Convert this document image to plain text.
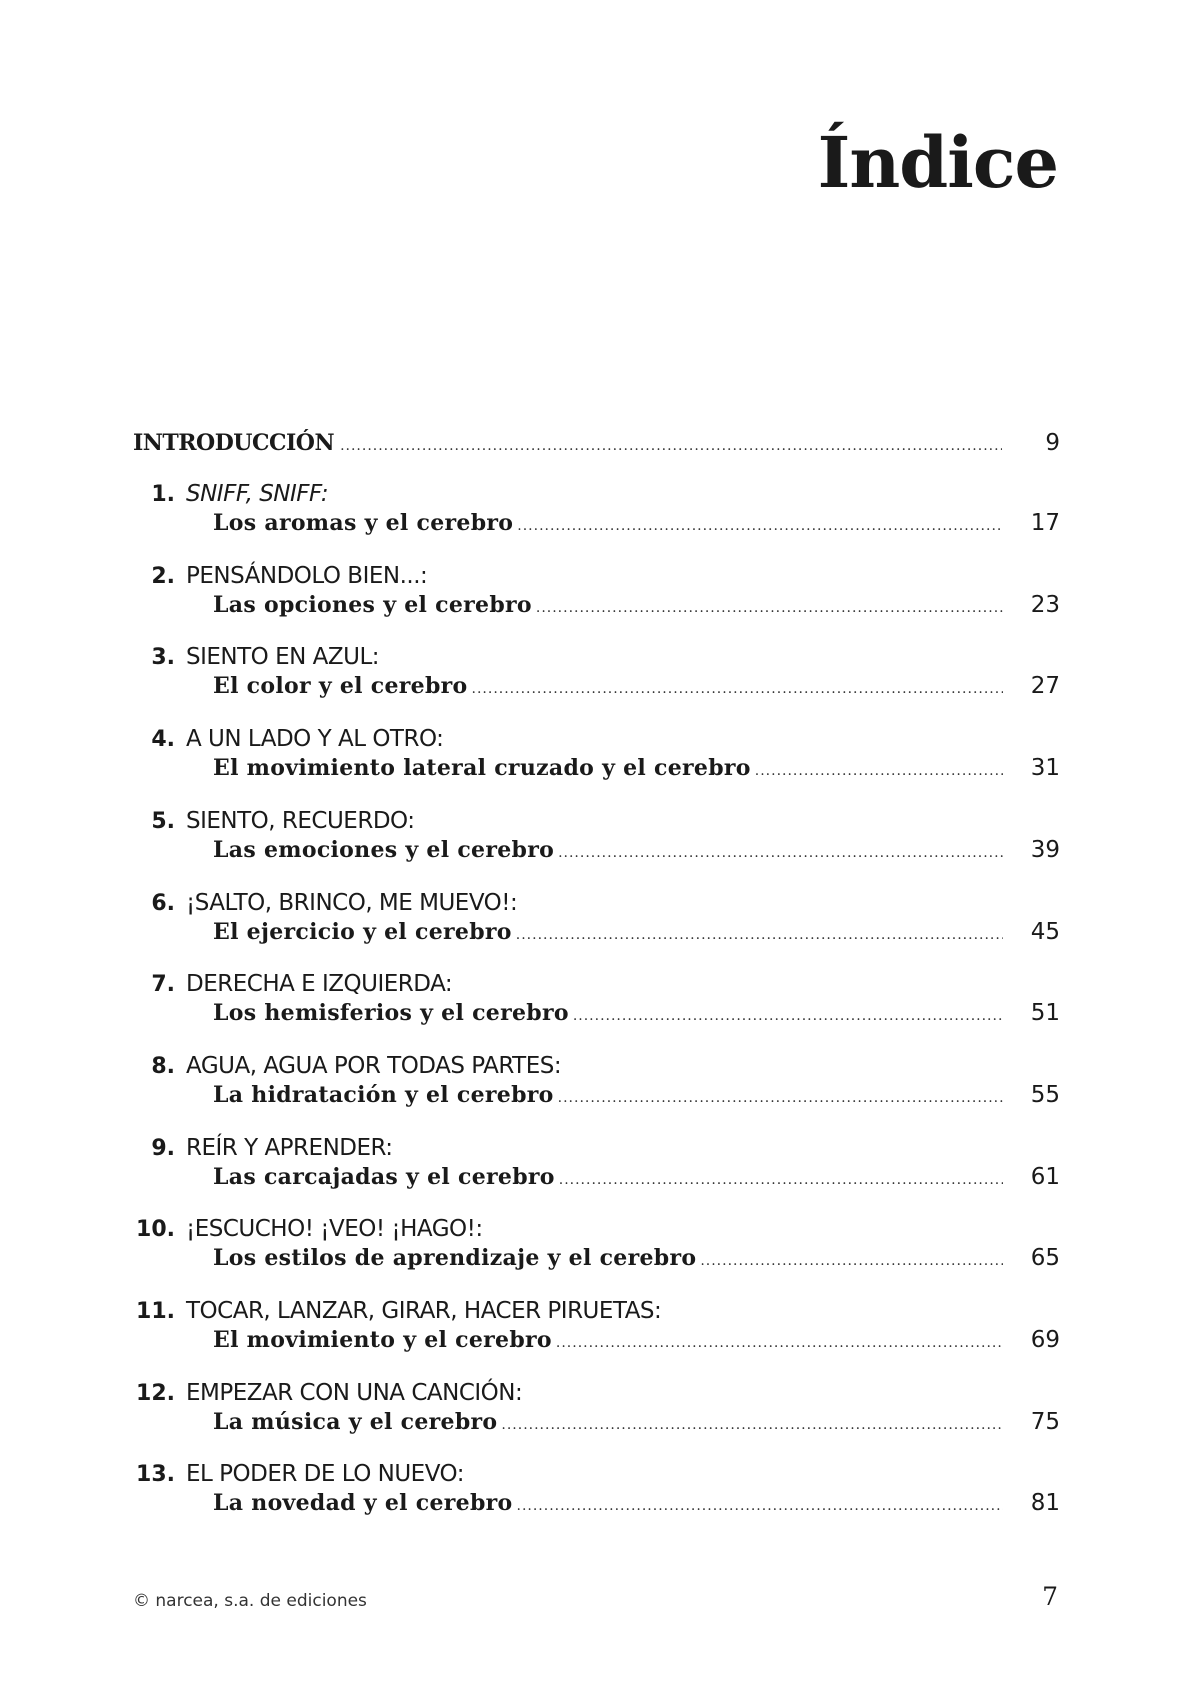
Índice
INTRODUCCIÓN .....	9
1. SNIFF, SNIFF:
Los aromas y el cerebro .....	17
2. PENSÁNDOLO BIEN...:
Las opciones y el cerebro .....	23
3. SIENTO EN AZUL:
El color y el cerebro .....	27
4. A UN LADO Y AL OTRO:
El movimiento lateral cruzado y el cerebro .....	31
5. SIENTO, RECUERDO:
Las emociones y el cerebro .....	39
6. ¡SALTO, BRINCO, ME MUEVO!:
El ejercicio y el cerebro .....	45
7. DERECHA E IZQUIERDA:
Los hemisferios y el cerebro .....	51
8. AGUA, AGUA POR TODAS PARTES:
La hidratación y el cerebro .....	55
9. REÍR Y APRENDER:
Las carcajadas y el cerebro .....	61
10. ¡ESCUCHO! ¡VEO! ¡HAGO!:
Los estilos de aprendizaje y el cerebro .....	65
11. TOCAR, LANZAR, GIRAR, HACER PIRUETAS:
El movimiento y el cerebro .....	69
12. EMPEZAR CON UNA CANCIÓN:
La música y el cerebro .....	75
13. EL PODER DE LO NUEVO:
La novedad y el cerebro .....	81
© narcea, s.a. de ediciones	7
